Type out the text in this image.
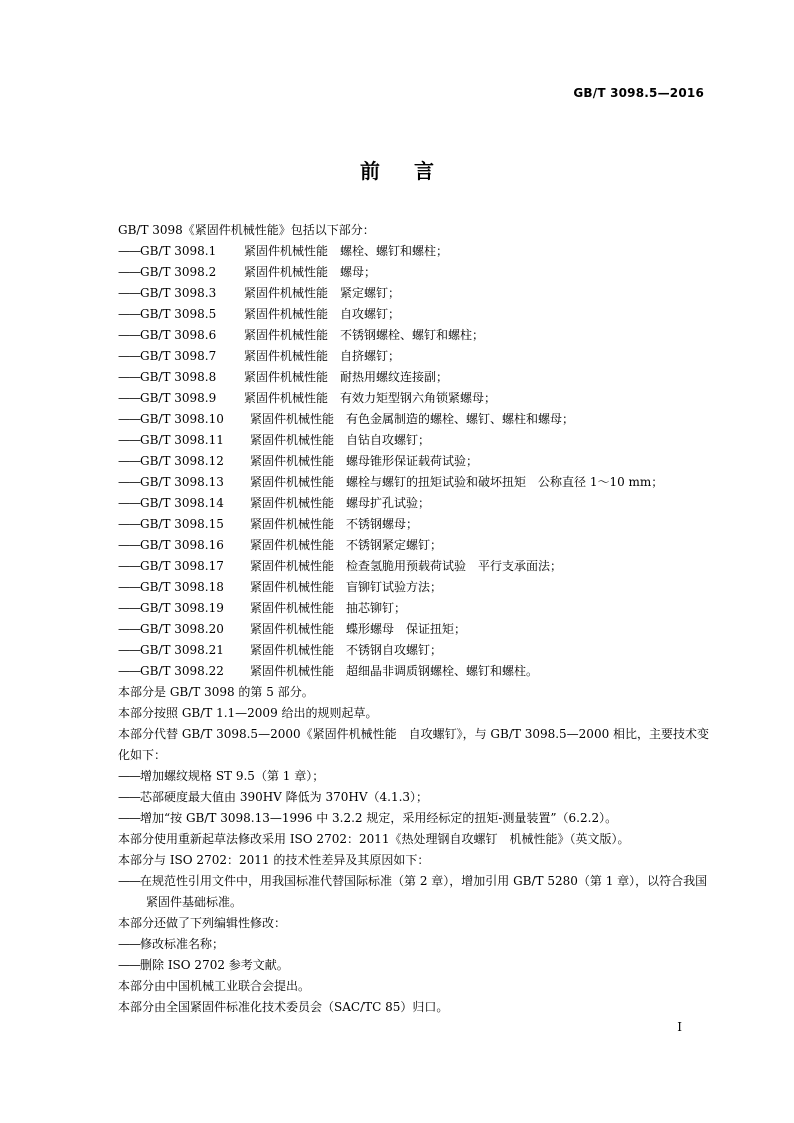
GB/T 3098.5—2016
前言
GB/T 3098《紧固件机械性能》包括以下部分：
——GB/T 3098.1 紧固件机械性能 螺栓、螺钉和螺柱；
——GB/T 3098.2 紧固件机械性能 螺母；
——GB/T 3098.3 紧固件机械性能 紧定螺钉；
——GB/T 3098.5 紧固件机械性能 自攻螺钉；
——GB/T 3098.6 紧固件机械性能 不锈钢螺栓、螺钉和螺柱；
——GB/T 3098.7 紧固件机械性能 自挤螺钉；
——GB/T 3098.8 紧固件机械性能 耐热用螺纹连接副；
——GB/T 3098.9 紧固件机械性能 有效力矩型钢六角锁紧螺母；
——GB/T 3098.10 紧固件机械性能 有色金属制造的螺栓、螺钉、螺柱和螺母；
——GB/T 3098.11 紧固件机械性能 自钻自攻螺钉；
——GB/T 3098.12 紧固件机械性能 螺母锥形保证载荷试验；
——GB/T 3098.13 紧固件机械性能 螺栓与螺钉的扭矩试验和破坏扭矩　公称直径 1～10 mm；
——GB/T 3098.14 紧固件机械性能 螺母扩孔试验；
——GB/T 3098.15 紧固件机械性能 不锈钢螺母；
——GB/T 3098.16 紧固件机械性能 不锈钢紧定螺钉；
——GB/T 3098.17 紧固件机械性能 检查氢脆用预载荷试验　平行支承面法；
——GB/T 3098.18 紧固件机械性能 盲铆钉试验方法；
——GB/T 3098.19 紧固件机械性能 抽芯铆钉；
——GB/T 3098.20 紧固件机械性能 蝶形螺母　保证扭矩；
——GB/T 3098.21 紧固件机械性能 不锈钢自攻螺钉；
——GB/T 3098.22 紧固件机械性能 超细晶非调质钢螺栓、螺钉和螺柱。
本部分是 GB/T 3098 的第 5 部分。
本部分按照 GB/T 1.1—2009 给出的规则起草。
本部分代替 GB/T 3098.5—2000《紧固件机械性能　自攻螺钉》，与 GB/T 3098.5—2000 相比，主要技术变化如下：
——增加螺纹规格 ST 9.5（第 1 章）；
——芯部硬度最大值由 390HV 降低为 370HV（4.1.3）；
——增加“按 GB/T 3098.13—1996 中 3.2.2 规定，采用经标定的扭矩-测量装置”（6.2.2）。
本部分使用重新起草法修改采用 ISO 2702：2011《热处理钢自攻螺钉　机械性能》（英文版）。
本部分与 ISO 2702：2011 的技术性差异及其原因如下：
——在规范性引用文件中，用我国标准代替国际标准（第 2 章），增加引用 GB/T 5280（第 1 章），以符合我国紧固件基础标准。
本部分还做了下列编辑性修改：
——修改标准名称；
——删除 ISO 2702 参考文献。
本部分由中国机械工业联合会提出。
本部分由全国紧固件标准化技术委员会（SAC/TC 85）归口。
I
